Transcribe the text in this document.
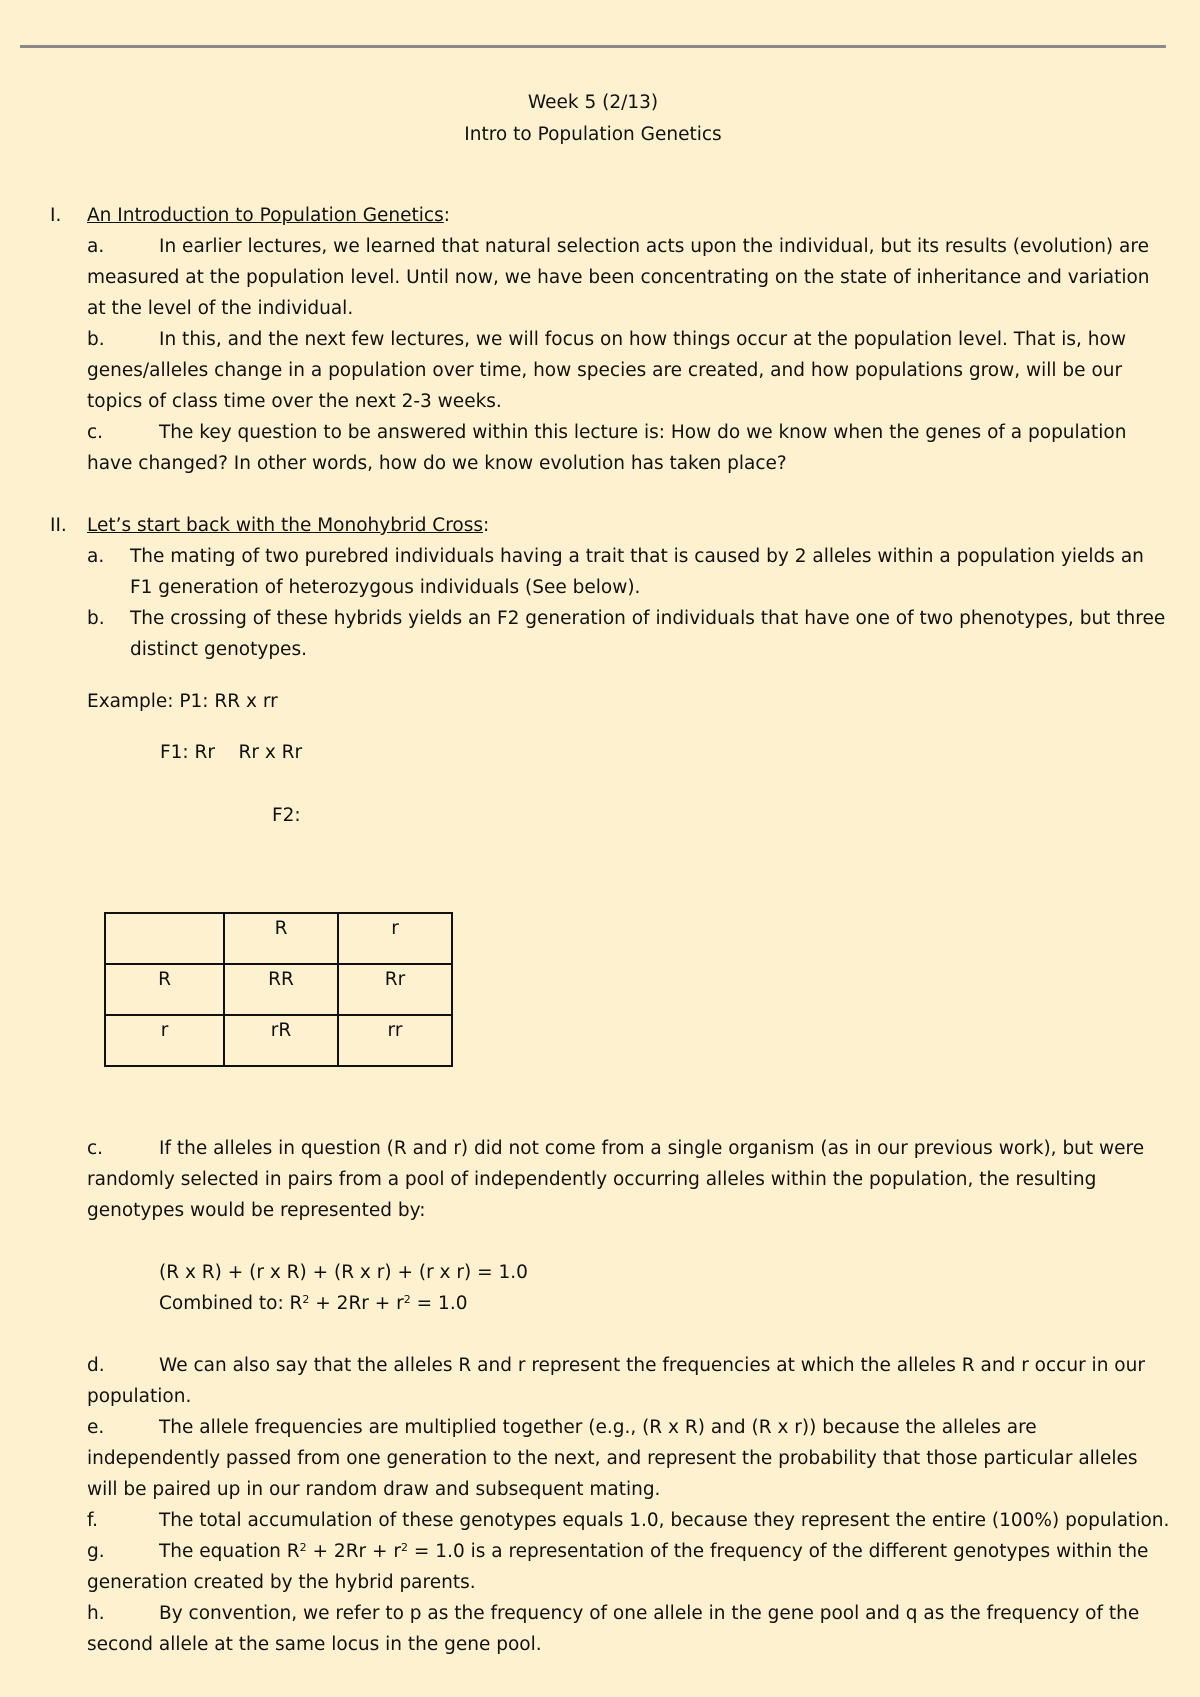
Week 5 (2/13)
Intro to Population Genetics
I. An Introduction to Population Genetics:
a.	In earlier lectures, we learned that natural selection acts upon the individual, but its results (evolution) are measured at the population level. Until now, we have been concentrating on the state of inheritance and variation at the level of the individual.
b.	In this, and the next few lectures, we will focus on how things occur at the population level. That is, how genes/alleles change in a population over time, how species are created, and how populations grow, will be our topics of class time over the next 2-3 weeks.
c.	The key question to be answered within this lecture is: How do we know when the genes of a population have changed? In other words, how do we know evolution has taken place?
II. Let’s start back with the Monohybrid Cross:
a. The mating of two purebred individuals having a trait that is caused by 2 alleles within a population yields an F1 generation of heterozygous individuals (See below).
b. The crossing of these hybrids yields an F2 generation of individuals that have one of two phenotypes, but three distinct genotypes.
Example: P1: RR x rr
F1: Rr    Rr x Rr
F2:
	R	r
R	RR	Rr
r	rR	rr
c.	If the alleles in question (R and r) did not come from a single organism (as in our previous work), but were randomly selected in pairs from a pool of independently occurring alleles within the population, the resulting genotypes would be represented by:
(R x R) + (r x R) + (R x r) + (r x r) = 1.0
Combined to: $R^2 + 2Rr + r^2 = 1.0$
d.	We can also say that the alleles R and r represent the frequencies at which the alleles R and r occur in our population.
e.	The allele frequencies are multiplied together (e.g., (R x R) and (R x r)) because the alleles are independently passed from one generation to the next, and represent the probability that those particular alleles will be paired up in our random draw and subsequent mating.
f.	The total accumulation of these genotypes equals 1.0, because they represent the entire (100%) population.
g.	The equation $R^2 + 2Rr + r^2 = 1.0$ is a representation of the frequency of the different genotypes within the generation created by the hybrid parents.
h.	By convention, we refer to p as the frequency of one allele in the gene pool and q as the frequency of the second allele at the same locus in the gene pool.
